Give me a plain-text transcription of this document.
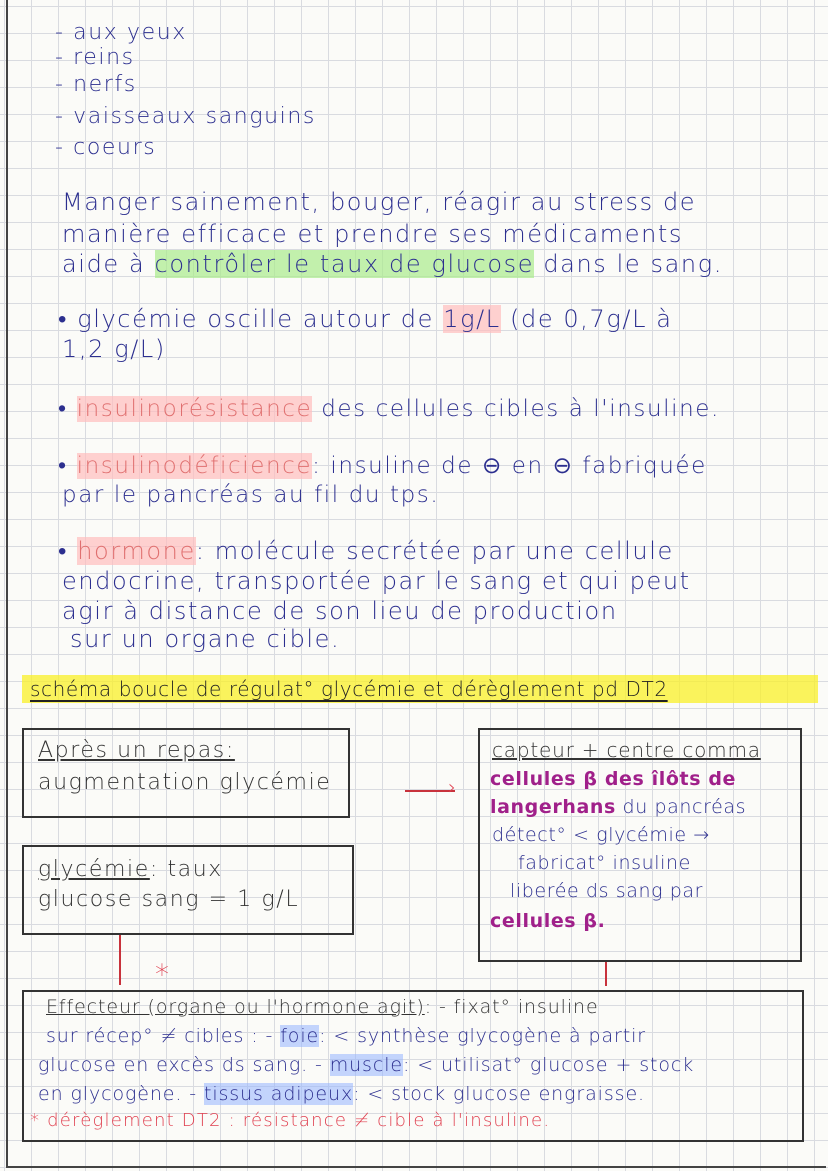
- aux yeux
- reins
- nerfs
- vaisseaux sanguins
- coeurs
Manger sainement, bouger, réagir au stress de
manière efficace et prendre ses médicaments
aide à contrôler le taux de glucose dans le sang.
• glycémie oscille autour de 1g/L (de 0,7g/L à
1,2 g/L)
• insulinorésistance des cellules cibles à l'insuline.
• insulinodéficience: insuline de ⊖ en ⊖ fabriquée
par le pancréas au fil du tps.
• hormone: molécule secrétée par une cellule
endocrine, transportée par le sang et qui peut
agir à distance de son lieu de production
sur un organe cible.
schéma boucle de régulat° glycémie et dérèglement pd DT2
Après un repas:
augmentation glycémie	›
glycémie: taux
glucose sang = 1 g/L
*
capteur + centre comma
cellules β des îlôts de
langerhans du pancréas
détect° < glycémie →
fabricat° insuline
liberée ds sang par
cellules β.
Effecteur (organe ou l'hormone agit): - fixat° insuline
sur récep° ≠ cibles : - foie: < synthèse glycogène à partir
glucose en excès ds sang. - muscle: < utilisat° glucose + stock
en glycogène. - tissus adipeux: < stock glucose engraisse.
* dérèglement DT2 : résistance ≠ cible à l'insuline.
